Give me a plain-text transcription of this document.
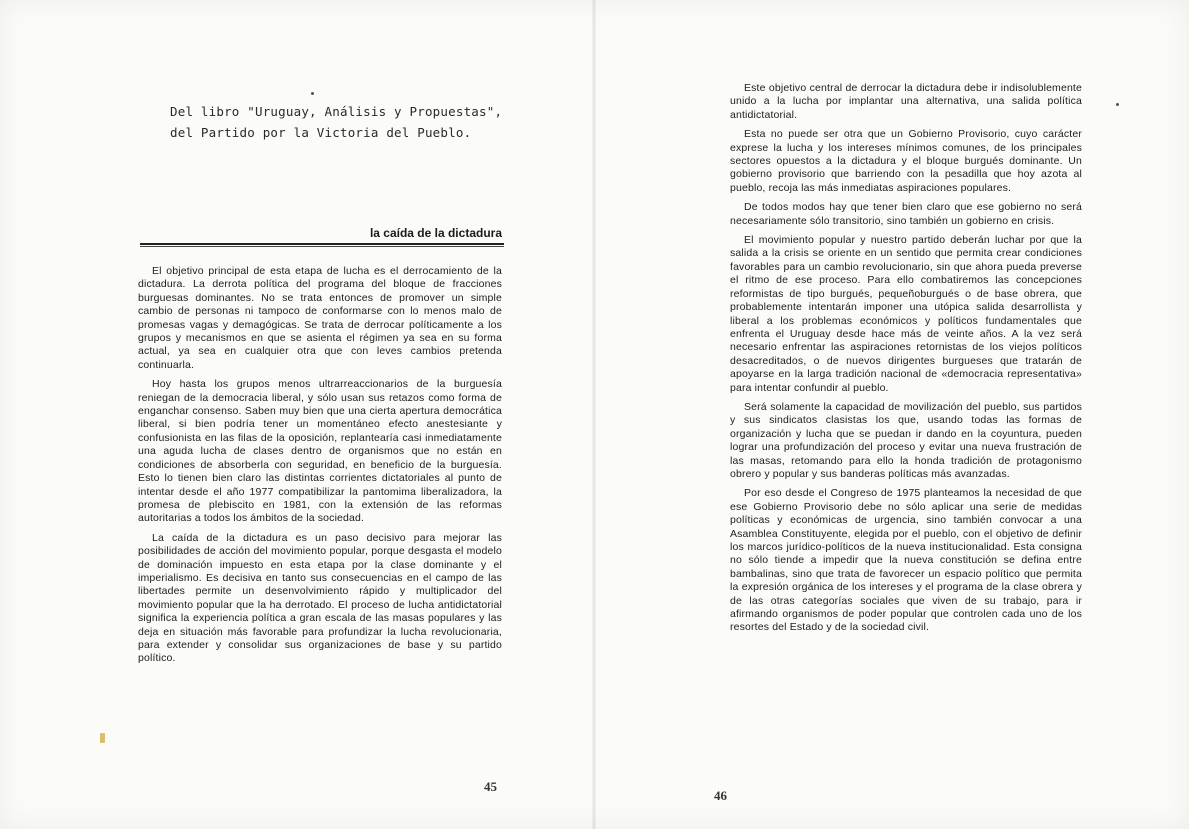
Del libro "Uruguay, Análisis y Propuestas",
del Partido por la Victoria del Pueblo.
la caída de la dictadura

El objetivo principal de esta etapa de lucha es el derrocamiento de la dictadura. La derrota política del programa del bloque de fracciones burguesas dominantes. No se trata entonces de promover un simple cambio de personas ni tampoco de conformarse con lo menos malo de promesas vagas y demagógicas. Se trata de derrocar políticamente a los grupos y mecanismos en que se asienta el régimen ya sea en su forma actual, ya sea en cualquier otra que con leves cambios pretenda continuarla.

Hoy hasta los grupos menos ultrarreaccionarios de la burguesía reniegan de la democracia liberal, y sólo usan sus retazos como forma de enganchar consenso. Saben muy bien que una cierta apertura democrática liberal, si bien podría tener un momentáneo efecto anestesiante y confusionista en las filas de la oposición, replantearía casi inmediatamente una aguda lucha de clases dentro de organismos que no están en condiciones de absorberla con seguridad, en beneficio de la burguesía. Esto lo tienen bien claro las distintas corrientes dictatoriales al punto de intentar desde el año 1977 compatibilizar la pantomima liberalizadora, la promesa de plebiscito en 1981, con la extensión de las reformas autoritarias a todos los ámbitos de la sociedad.

La caída de la dictadura es un paso decisivo para mejorar las posibilidades de acción del movimiento popular, porque desgasta el modelo de dominación impuesto en esta etapa por la clase dominante y el imperialismo. Es decisiva en tanto sus consecuencias en el campo de las libertades permite un desenvolvimiento rápido y multiplicador del movimiento popular que la ha derrotado. El proceso de lucha antidictatorial significa la experiencia política a gran escala de las masas populares y las deja en situación más favorable para profundizar la lucha revolucionaria, para extender y consolidar sus organizaciones de base y su partido político.

45

Este objetivo central de derrocar la dictadura debe ir indisolublemente unido a la lucha por implantar una alternativa, una salida política antidictatorial.

Esta no puede ser otra que un Gobierno Provisorio, cuyo carácter exprese la lucha y los intereses mínimos comunes, de los principales sectores opuestos a la dictadura y el bloque burgués dominante. Un gobierno provisorio que barriendo con la pesadilla que hoy azota al pueblo, recoja las más inmediatas aspiraciones populares.

De todos modos hay que tener bien claro que ese gobierno no será necesariamente sólo transitorio, sino también un gobierno en crisis.

El movimiento popular y nuestro partido deberán luchar por que la salida a la crisis se oriente en un sentido que permita crear condiciones favorables para un cambio revolucionario, sin que ahora pueda preverse el ritmo de ese proceso. Para ello combatiremos las concepciones reformistas de tipo burgués, pequeñoburgués o de base obrera, que probablemente intentarán imponer una utópica salida desarrollista y liberal a los problemas económicos y políticos fundamentales que enfrenta el Uruguay desde hace más de veinte años. A la vez será necesario enfrentar las aspiraciones retornistas de los viejos políticos desacreditados, o de nuevos dirigentes burgueses que tratarán de apoyarse en la larga tradición nacional de «democracia representativa» para intentar confundir al pueblo.

Será solamente la capacidad de movilización del pueblo, sus partidos y sus sindicatos clasistas los que, usando todas las formas de organización y lucha que se puedan ir dando en la coyuntura, pueden lograr una profundización del proceso y evitar una nueva frustración de las masas, retomando para ello la honda tradición de protagonismo obrero y popular y sus banderas políticas más avanzadas.

Por eso desde el Congreso de 1975 planteamos la necesidad de que ese Gobierno Provisorio debe no sólo aplicar una serie de medidas políticas y económicas de urgencia, sino también convocar a una Asamblea Constituyente, elegida por el pueblo, con el objetivo de definir los marcos jurídico-políticos de la nueva institucionalidad. Esta consigna no sólo tiende a impedir que la nueva constitución se defina entre bambalinas, sino que trata de favorecer un espacio político que permita la expresión orgánica de los intereses y el programa de la clase obrera y de las otras categorías sociales que viven de su trabajo, para ir afirmando organismos de poder popular que controlen cada uno de los resortes del Estado y de la sociedad civil.

46
